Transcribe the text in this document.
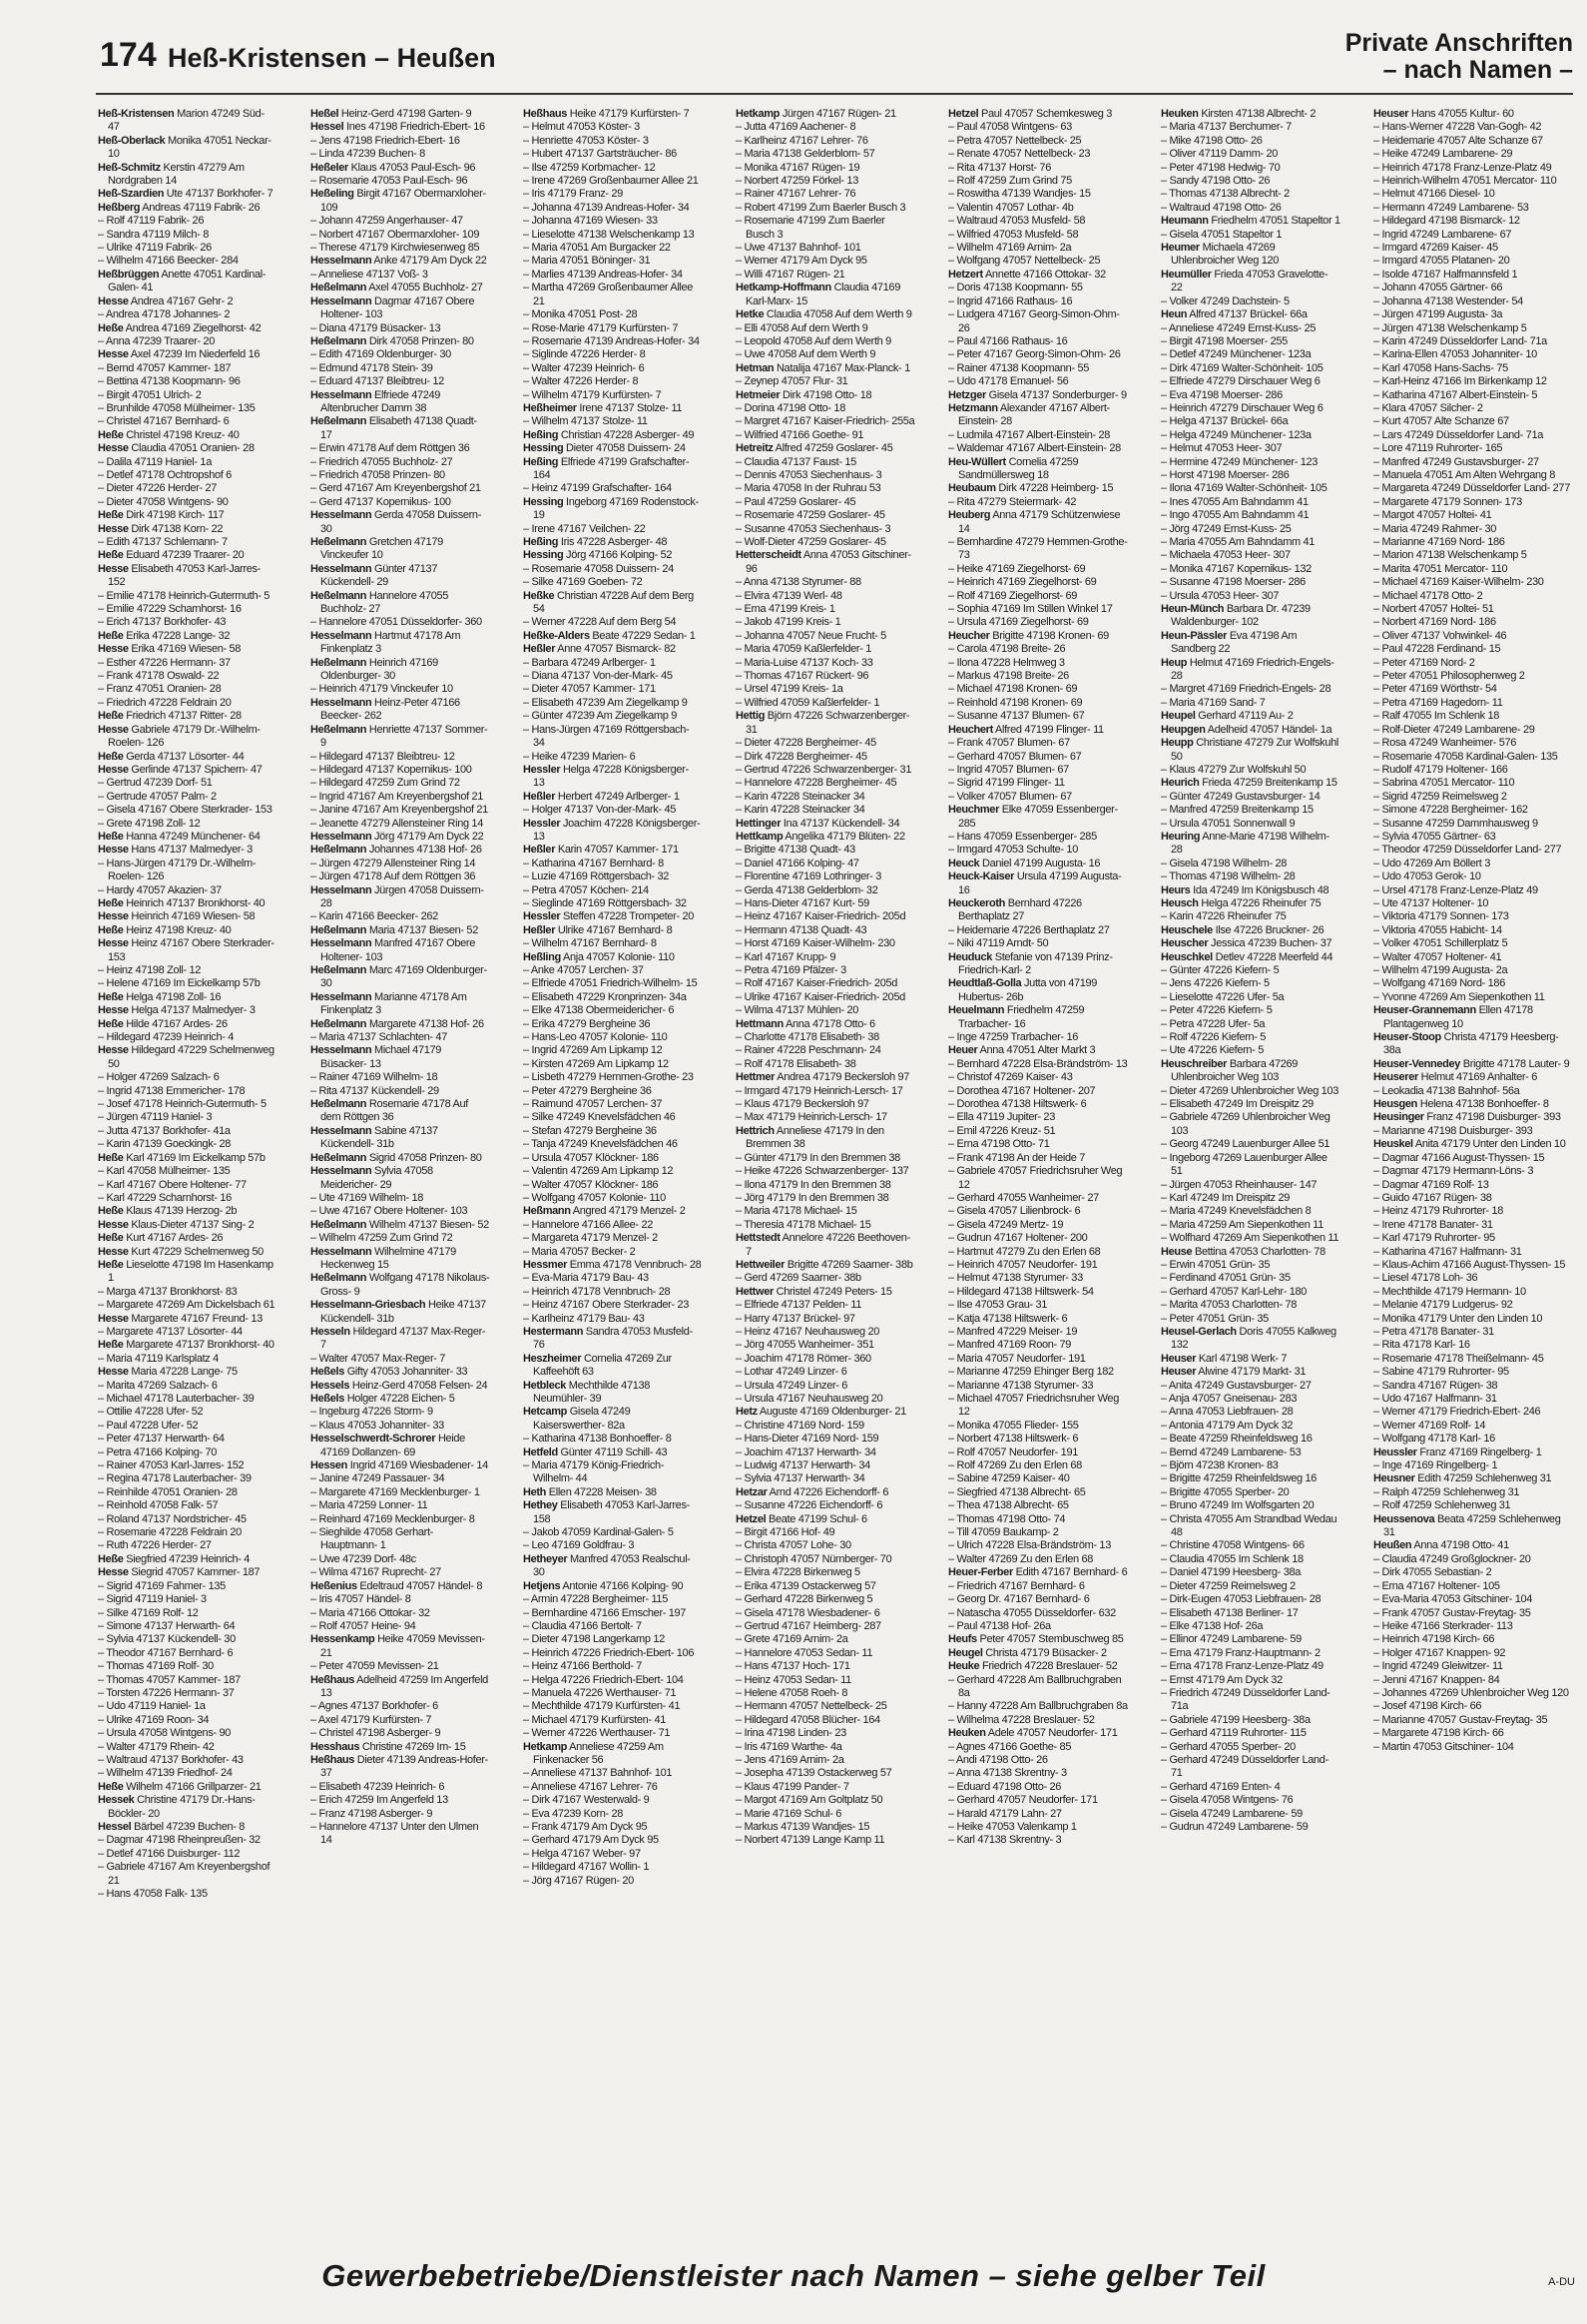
174 Heß-Kristensen – Heußen	Private Anschriften
– nach Namen –
Heß-Kristensen Marion 47249 Süd- 47
Heß-Oberlack Monika 47051 Neckar- 10
Heß-Schmitz Kerstin 47279 Am Nordgraben 14
Heß-Szardien Ute 47137 Borkhofer- 7
Heßberg Andreas 47119 Fabrik- 26
– Rolf 47119 Fabrik- 26
– Sandra 47119 Milch- 8
– Ulrike 47119 Fabrik- 26
– Wilhelm 47166 Beecker- 284
Heßbrüggen Anette 47051 Kardinal-Galen- 41
Hesse Andrea 47167 Gehr- 2
– Andrea 47178 Johannes- 2
Heße Andrea 47169 Ziegelhorst- 42
– Anna 47239 Traarer- 20
Hesse Axel 47239 Im Niederfeld 16
– Bernd 47057 Kammer- 187
– Bettina 47138 Koopmann- 96
– Birgit 47051 Ulrich- 2
– Brunhilde 47058 Mülheimer- 135
– Christel 47167 Bernhard- 6
Heße Christel 47198 Kreuz- 40
Hesse Claudia 47051 Oranien- 28
– Dalila 47119 Haniel- 1a
– Detlef 47178 Ochtropshof 6
– Dieter 47226 Herder- 27
– Dieter 47058 Wintgens- 90
Heße Dirk 47198 Kirch- 117
Hesse Dirk 47138 Korn- 22
– Edith 47137 Schlemann- 7
Heße Eduard 47239 Traarer- 20
Hesse Elisabeth 47053 Karl-Jarres- 152
– Emilie 47178 Heinrich-Gutermuth- 5
– Emilie 47229 Scharnhorst- 16
– Erich 47137 Borkhofer- 43
Heße Erika 47228 Lange- 32
Hesse Erika 47169 Wiesen- 58
– Esther 47226 Hermann- 37
– Frank 47178 Oswald- 22
– Franz 47051 Oranien- 28
– Friedrich 47228 Feldrain 20
Heße Friedrich 47137 Ritter- 28
Hesse Gabriele 47179 Dr.-Wilhelm-Roelen- 126
Heße Gerda 47137 Lösorter- 44
Hesse Gerlinde 47137 Spichern- 47
– Gertrud 47239 Dorf- 51
– Gertrude 47057 Palm- 2
– Gisela 47167 Obere Sterkrader- 153
– Grete 47198 Zoll- 12
Heße Hanna 47249 Münchener- 64
Hesse Hans 47137 Malmedyer- 3
– Hans-Jürgen 47179 Dr.-Wilhelm-Roelen- 126
– Hardy 47057 Akazien- 37
Heße Heinrich 47137 Bronkhorst- 40
Hesse Heinrich 47169 Wiesen- 58
Heße Heinz 47198 Kreuz- 40
Hesse Heinz 47167 Obere Sterkrader- 153
– Heinz 47198 Zoll- 12
– Helene 47169 Im Eickelkamp 57b
Heße Helga 47198 Zoll- 16
Hesse Helga 47137 Malmedyer- 3
Heße Hilde 47167 Ardes- 26
– Hildegard 47239 Heinrich- 4
Hesse Hildegard 47229 Schelmenweg 50
– Holger 47269 Salzach- 6
– Ingrid 47138 Emmericher- 178
– Josef 47178 Heinrich-Gutermuth- 5
– Jürgen 47119 Haniel- 3
– Jutta 47137 Borkhofer- 41a
– Karin 47139 Goeckingk- 28
Heße Karl 47169 Im Eickelkamp 57b
– Karl 47058 Mülheimer- 135
– Karl 47167 Obere Holtener- 77
– Karl 47229 Scharnhorst- 16
Heße Klaus 47139 Herzog- 2b
Hesse Klaus-Dieter 47137 Sing- 2
Heße Kurt 47167 Ardes- 26
Hesse Kurt 47229 Schelmenweg 50
Heße Lieselotte 47198 Im Hasenkamp 1
– Marga 47137 Bronkhorst- 83
– Margarete 47269 Am Dickelsbach 61
Hesse Margarete 47167 Freund- 13
– Margarete 47137 Lösorter- 44
Heße Margarete 47137 Bronkhorst- 40
– Maria 47119 Karlsplatz 4
Hesse Maria 47228 Lange- 75
– Marita 47269 Salzach- 6
– Michael 47178 Lauterbacher- 39
– Ottilie 47228 Ufer- 52
– Paul 47228 Ufer- 52
– Peter 47137 Herwarth- 64
– Petra 47166 Kolping- 70
– Rainer 47053 Karl-Jarres- 152
– Regina 47178 Lauterbacher- 39
– Reinhilde 47051 Oranien- 28
– Reinhold 47058 Falk- 57
– Roland 47137 Nordstricher- 45
– Rosemarie 47228 Feldrain 20
– Ruth 47226 Herder- 27
Heße Siegfried 47239 Heinrich- 4
Hesse Siegrid 47057 Kammer- 187
– Sigrid 47169 Fahmer- 135
– Sigrid 47119 Haniel- 3
– Silke 47169 Rolf- 12
– Simone 47137 Herwarth- 64
– Sylvia 47137 Kückendell- 30
– Theodor 47167 Bernhard- 6
– Thomas 47169 Rolf- 30
– Thomas 47057 Kammer- 187
– Torsten 47226 Hermann- 37
– Udo 47119 Haniel- 1a
– Ulrike 47169 Roon- 34
– Ursula 47058 Wintgens- 90
– Walter 47179 Rhein- 42
– Waltraud 47137 Borkhofer- 43
– Wilhelm 47139 Friedhof- 24
Heße Wilhelm 47166 Grillparzer- 21
Hessek Christine 47179 Dr.-Hans-Böckler- 20
Hessel Bärbel 47239 Buchen- 8
– Dagmar 47198 Rheinpreußen- 32
– Detlef 47166 Duisburger- 112
– Gabriele 47167 Am Kreyenbergshof 21
– Hans 47058 Falk- 135
Heßel Heinz-Gerd 47198 Garten- 9
Hessel Ines 47198 Friedrich-Ebert- 16
– Jens 47198 Friedrich-Ebert- 16
– Linda 47239 Buchen- 8
Heßeler Klaus 47053 Paul-Esch- 96
– Rosemarie 47053 Paul-Esch- 96
Heßeling Birgit 47167 Obermarxloher- 109
– Johann 47259 Angerhauser- 47
– Norbert 47167 Obermarxloher- 109
– Therese 47179 Kirchwiesenweg 85
Hesselmann Anke 47179 Am Dyck 22
– Anneliese 47137 Voß- 3
Heßelmann Axel 47055 Buchholz- 27
Hesselmann Dagmar 47167 Obere Holtener- 103
– Diana 47179 Büsacker- 13
Heßelmann Dirk 47058 Prinzen- 80
– Edith 47169 Oldenburger- 30
– Edmund 47178 Stein- 39
– Eduard 47137 Bleibtreu- 12
Hesselmann Elfriede 47249 Altenbrucher Damm 38
Heßelmann Elisabeth 47138 Quadt- 17
– Erwin 47178 Auf dem Röttgen 36
– Friedrich 47055 Buchholz- 27
– Friedrich 47058 Prinzen- 80
– Gerd 47167 Am Kreyenbergshof 21
– Gerd 47137 Kopernikus- 100
Hesselmann Gerda 47058 Duissern- 30
Heßelmann Gretchen 47179 Vinckeufer 10
Hesselmann Günter 47137 Kückendell- 29
Heßelmann Hannelore 47055 Buchholz- 27
– Hannelore 47051 Düsseldorfer- 360
Hesselmann Hartmut 47178 Am Finkenplatz 3
Heßelmann Heinrich 47169 Oldenburger- 30
– Heinrich 47179 Vinckeufer 10
Hesselmann Heinz-Peter 47166 Beecker- 262
Heßelmann Henriette 47137 Sommer- 9
– Hildegard 47137 Bleibtreu- 12
– Hildegard 47137 Kopernikus- 100
– Hildegard 47259 Zum Grind 72
– Ingrid 47167 Am Kreyenbergshof 21
– Janine 47167 Am Kreyenbergshof 21
– Jeanette 47279 Allensteiner Ring 14
Hesselmann Jörg 47179 Am Dyck 22
Heßelmann Johannes 47138 Hof- 26
– Jürgen 47279 Allensteiner Ring 14
– Jürgen 47178 Auf dem Röttgen 36
Hesselmann Jürgen 47058 Duissern- 28
– Karin 47166 Beecker- 262
Heßelmann Maria 47137 Biesen- 52
Hesselmann Manfred 47167 Obere Holtener- 103
Heßelmann Marc 47169 Oldenburger- 30
Hesselmann Marianne 47178 Am Finkenplatz 3
Heßelmann Margarete 47138 Hof- 26
– Maria 47137 Schlachten- 47
Hesselmann Michael 47179 Büsacker- 13
– Rainer 47169 Wilhelm- 18
– Rita 47137 Kückendell- 29
Heßelmann Rosemarie 47178 Auf dem Röttgen 36
Hesselmann Sabine 47137 Kückendell- 31b
Heßelmann Sigrid 47058 Prinzen- 80
Hesselmann Sylvia 47058 Meidericher- 29
– Ute 47169 Wilhelm- 18
– Uwe 47167 Obere Holtener- 103
Heßelmann Wilhelm 47137 Biesen- 52
– Wilhelm 47259 Zum Grind 72
Hesselmann Wilhelmine 47179 Heckenweg 15
Heßelmann Wolfgang 47178 Nikolaus-Gross- 9
Hesselmann-Griesbach Heike 47137 Kückendell- 31b
Hesseln Hildegard 47137 Max-Reger- 7
– Walter 47057 Max-Reger- 7
Heßels Gifty 47053 Johanniter- 33
Hessels Heinz-Gerd 47058 Felsen- 24
Heßels Holger 47228 Eichen- 5
– Ingeburg 47226 Storm- 9
– Klaus 47053 Johanniter- 33
Hesselschwerdt-Schrorer Heide 47169 Dollanzen- 69
Hessen Ingrid 47169 Wiesbadener- 14
– Janine 47249 Passauer- 34
– Margarete 47169 Mecklenburger- 1
– Maria 47259 Lonner- 11
– Reinhard 47169 Mecklenburger- 8
– Sieghilde 47058 Gerhart-Hauptmann- 1
– Uwe 47239 Dorf- 48c
– Wilma 47167 Ruprecht- 27
Heßenius Edeltraud 47057 Händel- 8
– Iris 47057 Händel- 8
– Maria 47166 Ottokar- 32
– Rolf 47057 Heine- 94
Hessenkamp Heike 47059 Mevissen- 21
– Peter 47059 Mevissen- 21
Heßhaus Adelheid 47259 Im Angerfeld 13
– Agnes 47137 Borkhofer- 6
– Axel 47179 Kurfürsten- 7
– Christel 47198 Asberger- 9
Hesshaus Christine 47269 Im- 15
Heßhaus Dieter 47139 Andreas-Hofer- 37
– Elisabeth 47239 Heinrich- 6
– Erich 47259 Im Angerfeld 13
– Franz 47198 Asberger- 9
– Hannelore 47137 Unter den Ulmen 14
Heßhaus Heike 47179 Kurfürsten- 7
– Helmut 47053 Köster- 3
– Henriette 47053 Köster- 3
– Hubert 47137 Gartsträucher- 86
– Ilse 47259 Korbmacher- 12
– Irene 47269 Großenbaumer Allee 21
– Iris 47179 Franz- 29
– Johanna 47139 Andreas-Hofer- 34
– Johanna 47169 Wiesen- 33
– Lieselotte 47138 Welschenkamp 13
– Maria 47051 Am Burgacker 22
– Maria 47051 Böninger- 31
– Marlies 47139 Andreas-Hofer- 34
– Martha 47269 Großenbaumer Allee 21
– Monika 47051 Post- 28
– Rose-Marie 47179 Kurfürsten- 7
– Rosemarie 47139 Andreas-Hofer- 34
– Siglinde 47226 Herder- 8
– Walter 47239 Heinrich- 6
– Walter 47226 Herder- 8
– Wilhelm 47179 Kurfürsten- 7
Heßheimer Irene 47137 Stolze- 11
– Wilhelm 47137 Stolze- 11
Heßing Christian 47228 Asberger- 49
Hessing Dieter 47058 Duissern- 24
Heßing Elfriede 47199 Grafschafter- 164
– Heinz 47199 Grafschafter- 164
Hessing Ingeborg 47169 Rodenstock- 19
– Irene 47167 Veilchen- 22
Heßing Iris 47228 Asberger- 48
Hessing Jörg 47166 Kolping- 52
– Rosemarie 47058 Duissern- 24
– Silke 47169 Goeben- 72
Heßke Christian 47228 Auf dem Berg 54
– Werner 47228 Auf dem Berg 54
Heßke-Alders Beate 47229 Sedan- 1
Heßler Anne 47057 Bismarck- 82
– Barbara 47249 Arlberger- 1
– Diana 47137 Von-der-Mark- 45
– Dieter 47057 Kammer- 171
– Elisabeth 47239 Am Ziegelkamp 9
– Günter 47239 Am Ziegelkamp 9
– Hans-Jürgen 47169 Röttgersbach- 34
– Heike 47239 Marien- 6
Hessler Helga 47228 Königsberger- 13
Heßler Herbert 47249 Arlberger- 1
– Holger 47137 Von-der-Mark- 45
Hessler Joachim 47228 Königsberger- 13
Heßler Karin 47057 Kammer- 171
– Katharina 47167 Bernhard- 8
– Luzie 47169 Röttgersbach- 32
– Petra 47057 Köchen- 214
– Sieglinde 47169 Röttgersbach- 32
Hessler Steffen 47228 Trompeter- 20
Heßler Ulrike 47167 Bernhard- 8
– Wilhelm 47167 Bernhard- 8
Heßling Anja 47057 Kolonie- 110
– Anke 47057 Lerchen- 37
– Elfriede 47051 Friedrich-Wilhelm- 15
– Elisabeth 47229 Kronprinzen- 34a
– Elke 47138 Obermeidericher- 6
– Erika 47279 Bergheine 36
– Hans-Leo 47057 Kolonie- 110
– Ingrid 47269 Am Lipkamp 12
– Kirsten 47269 Am Lipkamp 12
– Lisbeth 47279 Hemmen-Grothe- 23
– Peter 47279 Bergheine 36
– Raimund 47057 Lerchen- 37
– Silke 47249 Knevelsfädchen 46
– Stefan 47279 Bergheine 36
– Tanja 47249 Knevelsfädchen 46
– Ursula 47057 Klöckner- 186
– Valentin 47269 Am Lipkamp 12
– Walter 47057 Klöckner- 186
– Wolfgang 47057 Kolonie- 110
Heßmann Angred 47179 Menzel- 2
– Hannelore 47166 Allee- 22
– Margareta 47179 Menzel- 2
– Maria 47057 Becker- 2
Hessmer Emma 47178 Vennbruch- 28
– Eva-Maria 47179 Bau- 43
– Heinrich 47178 Vennbruch- 28
– Heinz 47167 Obere Sterkrader- 23
– Karlheinz 47179 Bau- 43
Hestermann Sandra 47053 Musfeld- 76
Heszheimer Cornelia 47269 Zur Kaffeehöft 63
Hetbleck Mechthilde 47138 Neumühler- 39
Hetcamp Gisela 47249 Kaiserswerther- 82a
– Katharina 47138 Bonhoeffer- 8
Hetfeld Günter 47119 Schill- 43
– Maria 47179 König-Friedrich-Wilhelm- 44
Heth Ellen 47228 Meisen- 38
Hethey Elisabeth 47053 Karl-Jarres- 158
– Jakob 47059 Kardinal-Galen- 5
– Leo 47169 Goldfrau- 3
Hetheyer Manfred 47053 Realschul- 30
Hetjens Antonie 47166 Kolping- 90
– Armin 47228 Bergheimer- 115
– Bernhardine 47166 Emscher- 197
– Claudia 47166 Bertolt- 7
– Dieter 47198 Langerkamp 12
– Heinrich 47226 Friedrich-Ebert- 106
– Heinz 47166 Berthold- 7
– Helga 47226 Friedrich-Ebert- 104
– Manuela 47226 Werthauser- 71
– Mechthilde 47179 Kurfürsten- 41
– Michael 47179 Kurfürsten- 41
– Werner 47226 Werthauser- 71
Hetkamp Anneliese 47259 Am Finkenacker 56
– Anneliese 47137 Bahnhof- 101
– Anneliese 47167 Lehrer- 76
– Dirk 47167 Westerwald- 9
– Eva 47239 Korn- 28
– Frank 47179 Am Dyck 95
– Gerhard 47179 Am Dyck 95
– Helga 47167 Weber- 97
– Hildegard 47167 Wollin- 1
– Jörg 47167 Rügen- 20
Hetkamp Jürgen 47167 Rügen- 21
– Jutta 47169 Aachener- 8
– Karlheinz 47167 Lehrer- 76
– Maria 47138 Gelderblom- 57
– Monika 47167 Rügen- 19
– Norbert 47259 Förkel- 13
– Rainer 47167 Lehrer- 76
– Robert 47199 Zum Baerler Busch 3
– Rosemarie 47199 Zum Baerler Busch 3
– Uwe 47137 Bahnhof- 101
– Werner 47179 Am Dyck 95
– Willi 47167 Rügen- 21
Hetkamp-Hoffmann Claudia 47169 Karl-Marx- 15
Hetke Claudia 47058 Auf dem Werth 9
– Elli 47058 Auf dem Werth 9
– Leopold 47058 Auf dem Werth 9
– Uwe 47058 Auf dem Werth 9
Hetman Natalija 47167 Max-Planck- 1
– Zeynep 47057 Flur- 31
Hetmeier Dirk 47198 Otto- 18
– Dorina 47198 Otto- 18
– Margret 47167 Kaiser-Friedrich- 255a
– Wilfried 47166 Goethe- 91
Hetreitz Alfred 47259 Goslarer- 45
– Claudia 47137 Faust- 15
– Dennis 47053 Siechenhaus- 3
– Maria 47058 In der Ruhrau 53
– Paul 47259 Goslarer- 45
– Rosemarie 47259 Goslarer- 45
– Susanne 47053 Siechenhaus- 3
– Wolf-Dieter 47259 Goslarer- 45
Hetterscheidt Anna 47053 Gitschiner- 96
– Anna 47138 Styrumer- 88
– Elvira 47139 Werl- 48
– Erna 47199 Kreis- 1
– Jakob 47199 Kreis- 1
– Johanna 47057 Neue Frucht- 5
– Maria 47059 Kaßlerfelder- 1
– Maria-Luise 47137 Koch- 33
– Thomas 47167 Rückert- 96
– Ursel 47199 Kreis- 1a
– Wilfried 47059 Kaßlerfelder- 1
Hettig Björn 47226 Schwarzenberger- 31
– Dieter 47228 Bergheimer- 45
– Dirk 47228 Bergheimer- 45
– Gertrud 47226 Schwarzenberger- 31
– Hannelore 47228 Bergheimer- 45
– Karin 47228 Steinacker 34
– Karin 47228 Steinacker 34
Hettinger Ina 47137 Kückendell- 34
Hettkamp Angelika 47179 Blüten- 22
– Brigitte 47138 Quadt- 43
– Daniel 47166 Kolping- 47
– Florentine 47169 Lothringer- 3
– Gerda 47138 Gelderblom- 32
– Hans-Dieter 47167 Kurt- 59
– Heinz 47167 Kaiser-Friedrich- 205d
– Hermann 47138 Quadt- 43
– Horst 47169 Kaiser-Wilhelm- 230
– Karl 47167 Krupp- 9
– Petra 47169 Pfälzer- 3
– Rolf 47167 Kaiser-Friedrich- 205d
– Ulrike 47167 Kaiser-Friedrich- 205d
– Wilma 47137 Mühlen- 20
Hettmann Anna 47178 Otto- 6
– Charlotte 47178 Elisabeth- 38
– Rainer 47228 Peschmann- 24
– Rolf 47178 Elisabeth- 38
Hettmer Andrea 47179 Beckersloh 97
– Irmgard 47179 Heinrich-Lersch- 17
– Klaus 47179 Beckersloh 97
– Max 47179 Heinrich-Lersch- 17
Hettrich Anneliese 47179 In den Bremmen 38
– Günter 47179 In den Bremmen 38
– Heike 47226 Schwarzenberger- 137
– Ilona 47179 In den Bremmen 38
– Jörg 47179 In den Bremmen 38
– Maria 47178 Michael- 15
– Theresia 47178 Michael- 15
Hettstedt Annelore 47226 Beethoven- 7
Hettweiler Brigitte 47269 Saarner- 38b
– Gerd 47269 Saarner- 38b
Hettwer Christel 47249 Peters- 15
– Elfriede 47137 Pelden- 11
– Harry 47137 Brückel- 97
– Heinz 47167 Neuhausweg 20
– Jörg 47055 Wanheimer- 351
– Joachim 47178 Römer- 360
– Lothar 47249 Linzer- 6
– Ursula 47249 Linzer- 6
– Ursula 47167 Neuhausweg 20
Hetz Auguste 47169 Oldenburger- 21
– Christine 47169 Nord- 159
– Hans-Dieter 47169 Nord- 159
– Joachim 47137 Herwarth- 34
– Ludwig 47137 Herwarth- 34
– Sylvia 47137 Herwarth- 34
Hetzar Arnd 47226 Eichendorff- 6
– Susanne 47226 Eichendorff- 6
Hetzel Beate 47199 Schul- 6
– Birgit 47166 Hof- 49
– Christa 47057 Lohe- 30
– Christoph 47057 Nürnberger- 70
– Elvira 47228 Birkenweg 5
– Erika 47139 Ostackerweg 57
– Gerhard 47228 Birkenweg 5
– Gisela 47178 Wiesbadener- 6
– Gertrud 47167 Heimberg- 287
– Grete 47169 Arnim- 2a
– Hannelore 47053 Sedan- 11
– Hans 47137 Hoch- 171
– Heinz 47053 Sedan- 11
– Helene 47058 Roeh- 8
– Hermann 47057 Nettelbeck- 25
– Hildegard 47058 Blücher- 164
– Irina 47198 Linden- 23
– Iris 47169 Warthe- 4a
– Jens 47169 Arnim- 2a
– Josepha 47139 Ostackerweg 57
– Klaus 47199 Pander- 7
– Margot 47169 Am Goltplatz 50
– Marie 47169 Schul- 6
– Markus 47139 Wandjes- 15
– Norbert 47139 Lange Kamp 11
Hetzel Paul 47057 Schemkesweg 3
– Paul 47058 Wintgens- 63
– Petra 47057 Nettelbeck- 25
– Renate 47057 Nettelbeck- 23
– Rita 47137 Horst- 76
– Rolf 47259 Zum Grind 75
– Roswitha 47139 Wandjes- 15
– Valentin 47057 Lothar- 4b
– Waltraud 47053 Musfeld- 58
– Wilfried 47053 Musfeld- 58
– Wilhelm 47169 Arnim- 2a
– Wolfgang 47057 Nettelbeck- 25
Hetzert Annette 47166 Ottokar- 32
– Doris 47138 Koopmann- 55
– Ingrid 47166 Rathaus- 16
– Ludgera 47167 Georg-Simon-Ohm- 26
– Paul 47166 Rathaus- 16
– Peter 47167 Georg-Simon-Ohm- 26
– Rainer 47138 Koopmann- 55
– Udo 47178 Emanuel- 56
Hetzger Gisela 47137 Sonderburger- 9
Hetzmann Alexander 47167 Albert-Einstein- 28
– Ludmila 47167 Albert-Einstein- 28
– Waldemar 47167 Albert-Einstein- 28
Heu-Wüllert Cornelia 47259 Sandmüllersweg 18
Heubaum Dirk 47228 Heimberg- 15
– Rita 47279 Steiermark- 42
Heuberg Anna 47179 Schützenwiese 14
– Bernhardine 47279 Hemmen-Grothe- 73
– Heike 47169 Ziegelhorst- 69
– Heinrich 47169 Ziegelhorst- 69
– Rolf 47169 Ziegelhorst- 69
– Sophia 47169 Im Stillen Winkel 17
– Ursula 47169 Ziegelhorst- 69
Heucher Brigitte 47198 Kronen- 69
– Carola 47198 Breite- 26
– Ilona 47228 Helmweg 3
– Markus 47198 Breite- 26
– Michael 47198 Kronen- 69
– Reinhold 47198 Kronen- 69
– Susanne 47137 Blumen- 67
Heuchert Alfred 47199 Flinger- 11
– Frank 47057 Blumen- 67
– Gerhard 47057 Blumen- 67
– Ingrid 47057 Blumen- 67
– Sigrid 47199 Flinger- 11
– Volker 47057 Blumen- 67
Heuchmer Elke 47059 Essenberger- 285
– Hans 47059 Essenberger- 285
– Irmgard 47053 Schulte- 10
Heuck Daniel 47199 Augusta- 16
Heuck-Kaiser Ursula 47199 Augusta- 16
Heuckeroth Bernhard 47226 Berthaplatz 27
– Heidemarie 47226 Berthaplatz 27
– Niki 47119 Arndt- 50
Heuduck Stefanie von 47139 Prinz-Friedrich-Karl- 2
Heudtlaß-Golla Jutta von 47199 Hubertus- 26b
Heuelmann Friedhelm 47259 Trarbacher- 16
– Inge 47259 Trarbacher- 16
Heuer Anna 47051 Alter Markt 3
– Bernhard 47228 Elsa-Brändström- 13
– Christof 47269 Kaiser- 43
– Dorothea 47167 Holtener- 207
– Dorothea 47138 Hiltswerk- 6
– Ella 47119 Jupiter- 23
– Emil 47226 Kreuz- 51
– Erna 47198 Otto- 71
– Frank 47198 An der Heide 7
– Gabriele 47057 Friedrichsruher Weg 12
– Gerhard 47055 Wanheimer- 27
– Gisela 47057 Lilienbrock- 6
– Gisela 47249 Mertz- 19
– Gudrun 47167 Holtener- 200
– Hartmut 47279 Zu den Erlen 68
– Heinrich 47057 Neudorfer- 191
– Helmut 47138 Styrumer- 33
– Hildegard 47138 Hiltswerk- 54
– Ilse 47053 Grau- 31
– Katja 47138 Hiltswerk- 6
– Manfred 47229 Meiser- 19
– Manfred 47169 Roon- 79
– Maria 47057 Neudorfer- 191
– Marianne 47259 Ehinger Berg 182
– Marianne 47138 Styrumer- 33
– Michael 47057 Friedrichsruher Weg 12
– Monika 47055 Flieder- 155
– Norbert 47138 Hiltswerk- 6
– Rolf 47057 Neudorfer- 191
– Rolf 47269 Zu den Erlen 68
– Sabine 47259 Kaiser- 40
– Siegfried 47138 Albrecht- 65
– Thea 47138 Albrecht- 65
– Thomas 47198 Otto- 74
– Till 47059 Baukamp- 2
– Ulrich 47228 Elsa-Brändström- 13
– Walter 47269 Zu den Erlen 68
Heuer-Ferber Edith 47167 Bernhard- 6
– Friedrich 47167 Bernhard- 6
– Georg Dr. 47167 Bernhard- 6
– Natascha 47055 Düsseldorfer- 632
– Paul 47138 Hof- 26a
Heufs Peter 47057 Stembuschweg 85
Heugel Christa 47179 Büsacker- 2
Heuke Friedrich 47228 Breslauer- 52
– Gerhard 47228 Am Ballbruchgraben 8a
– Hanny 47228 Am Ballbruchgraben 8a
– Wilhelma 47228 Breslauer- 52
Heuken Adele 47057 Neudorfer- 171
– Agnes 47166 Goethe- 85
– Andi 47198 Otto- 26
– Anna 47138 Skrentny- 3
– Eduard 47198 Otto- 26
– Gerhard 47057 Neudorfer- 171
– Harald 47179 Lahn- 27
– Heike 47053 Valenkamp 1
– Karl 47138 Skrentny- 3
Heuken Kirsten 47138 Albrecht- 2
– Maria 47137 Berchumer- 7
– Mike 47198 Otto- 26
– Oliver 47119 Damm- 20
– Peter 47198 Hedwig- 70
– Sandy 47198 Otto- 26
– Thomas 47138 Albrecht- 2
– Waltraud 47198 Otto- 26
Heumann Friedhelm 47051 Stapeltor 1
– Gisela 47051 Stapeltor 1
Heumer Michaela 47269 Uhlenbroicher Weg 120
Heumüller Frieda 47053 Gravelotte- 22
– Volker 47249 Dachstein- 5
Heun Alfred 47137 Brückel- 66a
– Anneliese 47249 Ernst-Kuss- 25
– Birgit 47198 Moerser- 255
– Detlef 47249 Münchener- 123a
– Dirk 47169 Walter-Schönheit- 105
– Elfriede 47279 Dirschauer Weg 6
– Eva 47198 Moerser- 286
– Heinrich 47279 Dirschauer Weg 6
– Helga 47137 Brückel- 66a
– Helga 47249 Münchener- 123a
– Helmut 47053 Heer- 307
– Hermine 47249 Münchener- 123
– Horst 47198 Moerser- 286
– Ilona 47169 Walter-Schönheit- 105
– Ines 47055 Am Bahndamm 41
– Ingo 47055 Am Bahndamm 41
– Jörg 47249 Ernst-Kuss- 25
– Maria 47055 Am Bahndamm 41
– Michaela 47053 Heer- 307
– Monika 47167 Kopernikus- 132
– Susanne 47198 Moerser- 286
– Ursula 47053 Heer- 307
Heun-Münch Barbara Dr. 47239 Waldenburger- 102
Heun-Pässler Eva 47198 Am Sandberg 22
Heup Helmut 47169 Friedrich-Engels- 28
– Margret 47169 Friedrich-Engels- 28
– Maria 47169 Sand- 7
Heupel Gerhard 47119 Au- 2
Heupgen Adelheid 47057 Händel- 1a
Heupp Christiane 47279 Zur Wolfskuhl 50
– Klaus 47279 Zur Wolfskuhl 50
Heurich Frieda 47259 Breitenkamp 15
– Günter 47249 Gustavsburger- 14
– Manfred 47259 Breitenkamp 15
– Ursula 47051 Sonnenwall 9
Heuring Anne-Marie 47198 Wilhelm- 28
– Gisela 47198 Wilhelm- 28
– Thomas 47198 Wilhelm- 28
Heurs Ida 47249 Im Königsbusch 48
Heusch Helga 47226 Rheinufer 75
– Karin 47226 Rheinufer 75
Heuschele Ilse 47226 Bruckner- 26
Heuscher Jessica 47239 Buchen- 37
Heuschkel Detlev 47228 Meerfeld 44
– Günter 47226 Kiefern- 5
– Jens 47226 Kiefern- 5
– Lieselotte 47226 Ufer- 5a
– Peter 47226 Kiefern- 5
– Petra 47228 Ufer- 5a
– Rolf 47226 Kiefern- 5
– Ute 47226 Kiefern- 5
Heuschreiber Barbara 47269 Uhlenbroicher Weg 103
– Dieter 47269 Uhlenbroicher Weg 103
– Elisabeth 47249 Im Dreispitz 29
– Gabriele 47269 Uhlenbroicher Weg 103
– Georg 47249 Lauenburger Allee 51
– Ingeborg 47269 Lauenburger Allee 51
– Jürgen 47053 Rheinhauser- 147
– Karl 47249 Im Dreispitz 29
– Maria 47249 Knevelsfädchen 8
– Maria 47259 Am Siepenkothen 11
– Wolfhard 47269 Am Siepenkothen 11
Heuse Bettina 47053 Charlotten- 78
– Erwin 47051 Grün- 35
– Ferdinand 47051 Grün- 35
– Gerhard 47057 Karl-Lehr- 180
– Marita 47053 Charlotten- 78
– Peter 47051 Grün- 35
Heusel-Gerlach Doris 47055 Kalkweg 132
Heuser Karl 47198 Werk- 7
Heuser Alwine 47179 Markt- 31
– Anita 47249 Gustavsburger- 27
– Anja 47057 Gneisenau- 283
– Anna 47053 Liebfrauen- 28
– Antonia 47179 Am Dyck 32
– Beate 47259 Rheinfeldsweg 16
– Bernd 47249 Lambarene- 53
– Björn 47238 Kronen- 83
– Brigitte 47259 Rheinfeldsweg 16
– Brigitte 47055 Sperber- 20
– Bruno 47249 Im Wolfsgarten 20
– Christa 47055 Am Strandbad Wedau 48
– Christine 47058 Wintgens- 66
– Claudia 47055 Im Schlenk 18
– Daniel 47199 Heesberg- 38a
– Dieter 47259 Reimelsweg 2
– Dirk-Eugen 47053 Liebfrauen- 28
– Elisabeth 47138 Berliner- 17
– Elke 47138 Hof- 26a
– Ellinor 47249 Lambarene- 59
– Erna 47179 Franz-Hauptmann- 2
– Erna 47178 Franz-Lenze-Platz 49
– Ernst 47179 Am Dyck 32
– Friedrich 47249 Düsseldorfer Land- 71a
– Gabriele 47199 Heesberg- 38a
– Gerhard 47119 Ruhrorter- 115
– Gerhard 47055 Sperber- 20
– Gerhard 47249 Düsseldorfer Land- 71
– Gerhard 47169 Enten- 4
– Gisela 47058 Wintgens- 76
– Gisela 47249 Lambarene- 59
– Gudrun 47249 Lambarene- 59
Heuser Hans 47055 Kultur- 60
– Hans-Werner 47228 Van-Gogh- 42
– Heidemarie 47057 Alte Schanze 67
– Heike 47249 Lambarene- 29
– Heinrich 47178 Franz-Lenze-Platz 49
– Heinrich-Wilhelm 47051 Mercator- 110
– Helmut 47166 Diesel- 10
– Hermann 47249 Lambarene- 53
– Hildegard 47198 Bismarck- 12
– Ingrid 47249 Lambarene- 67
– Irmgard 47269 Kaiser- 45
– Irmgard 47055 Platanen- 20
– Isolde 47167 Halfmannsfeld 1
– Johann 47055 Gärtner- 66
– Johanna 47138 Westender- 54
– Jürgen 47199 Augusta- 3a
– Jürgen 47138 Welschenkamp 5
– Karin 47249 Düsseldorfer Land- 71a
– Karina-Ellen 47053 Johanniter- 10
– Karl 47058 Hans-Sachs- 75
– Karl-Heinz 47166 Im Birkenkamp 12
– Katharina 47167 Albert-Einstein- 5
– Klara 47057 Silcher- 2
– Kurt 47057 Alte Schanze 67
– Lars 47249 Düsseldorfer Land- 71a
– Lore 47119 Ruhrorter- 165
– Manfred 47249 Gustavsburger- 27
– Manuela 47051 Am Alten Wehrgang 8
– Margareta 47249 Düsseldorfer Land- 277
– Margarete 47179 Sonnen- 173
– Margot 47057 Holtei- 41
– Maria 47249 Rahmer- 30
– Marianne 47169 Nord- 186
– Marion 47138 Welschenkamp 5
– Marita 47051 Mercator- 110
– Michael 47169 Kaiser-Wilhelm- 230
– Michael 47178 Otto- 2
– Norbert 47057 Holtei- 51
– Norbert 47169 Nord- 186
– Oliver 47137 Vohwinkel- 46
– Paul 47228 Ferdinand- 15
– Peter 47169 Nord- 2
– Peter 47051 Philosophenweg 2
– Peter 47169 Wörthstr- 54
– Petra 47169 Hagedorn- 11
– Ralf 47055 Im Schlenk 18
– Rolf-Dieter 47249 Lambarene- 29
– Rosa 47249 Wanheimer- 576
– Rosemarie 47058 Kardinal-Galen- 135
– Rudolf 47179 Holtener- 166
– Sabrina 47051 Mercator- 110
– Sigrid 47259 Reimelsweg 2
– Simone 47228 Bergheimer- 162
– Susanne 47259 Dammhausweg 9
– Sylvia 47055 Gärtner- 63
– Theodor 47259 Düsseldorfer Land- 277
– Udo 47269 Am Böllert 3
– Udo 47053 Gerok- 10
– Ursel 47178 Franz-Lenze-Platz 49
– Ute 47137 Holtener- 10
– Viktoria 47179 Sonnen- 173
– Viktoria 47055 Habicht- 14
– Volker 47051 Schillerplatz 5
– Walter 47057 Holtener- 41
– Wilhelm 47199 Augusta- 2a
– Wolfgang 47169 Nord- 186
– Yvonne 47269 Am Siepenkothen 11
Heuser-Grannemann Ellen 47178 Plantagenweg 10
Heuser-Stoop Christa 47179 Heesberg- 38a
Heuser-Vennedey Brigitte 47178 Lauter- 9
Heuserer Helmut 47169 Anhalter- 6
– Leokadia 47138 Bahnhof- 56a
Heusgen Helena 47138 Bonhoeffer- 8
Heusinger Franz 47198 Duisburger- 393
– Marianne 47198 Duisburger- 393
Heuskel Anita 47179 Unter den Linden 10
– Dagmar 47166 August-Thyssen- 15
– Dagmar 47179 Hermann-Löns- 3
– Dagmar 47169 Rolf- 13
– Guido 47167 Rügen- 38
– Heinz 47179 Ruhrorter- 18
– Irene 47178 Banater- 31
– Karl 47179 Ruhrorter- 95
– Katharina 47167 Halfmann- 31
– Klaus-Achim 47166 August-Thyssen- 15
– Liesel 47178 Loh- 36
– Mechthilde 47179 Hermann- 10
– Melanie 47179 Ludgerus- 92
– Monika 47179 Unter den Linden 10
– Petra 47178 Banater- 31
– Rita 47178 Karl- 16
– Rosemarie 47178 Theißelmann- 45
– Sabine 47179 Ruhrorter- 95
– Sandra 47167 Rügen- 38
– Udo 47167 Halfmann- 31
– Werner 47179 Friedrich-Ebert- 246
– Werner 47169 Rolf- 14
– Wolfgang 47178 Karl- 16
Heussler Franz 47169 Ringelberg- 1
– Inge 47169 Ringelberg- 1
Heusner Edith 47259 Schlehenweg 31
– Ralph 47259 Schlehenweg 31
– Rolf 47259 Schlehenweg 31
Heussenova Beata 47259 Schlehenweg 31
Heußen Anna 47198 Otto- 41
– Claudia 47249 Großglockner- 20
– Dirk 47055 Sebastian- 2
– Erna 47167 Holtener- 105
– Eva-Maria 47053 Gitschiner- 104
– Frank 47057 Gustav-Freytag- 35
– Heike 47166 Sterkrader- 113
– Heinrich 47198 Kirch- 66
– Holger 47167 Knappen- 92
– Ingrid 47249 Gleiwitzer- 11
– Jenni 47167 Knappen- 84
– Johannes 47269 Uhlenbroicher Weg 120
– Josef 47198 Kirch- 66
– Marianne 47057 Gustav-Freytag- 35
– Margarete 47198 Kirch- 66
– Martin 47053 Gitschiner- 104
Gewerbebetriebe/Dienstleister nach Namen – siehe gelber Teil	A-DU
